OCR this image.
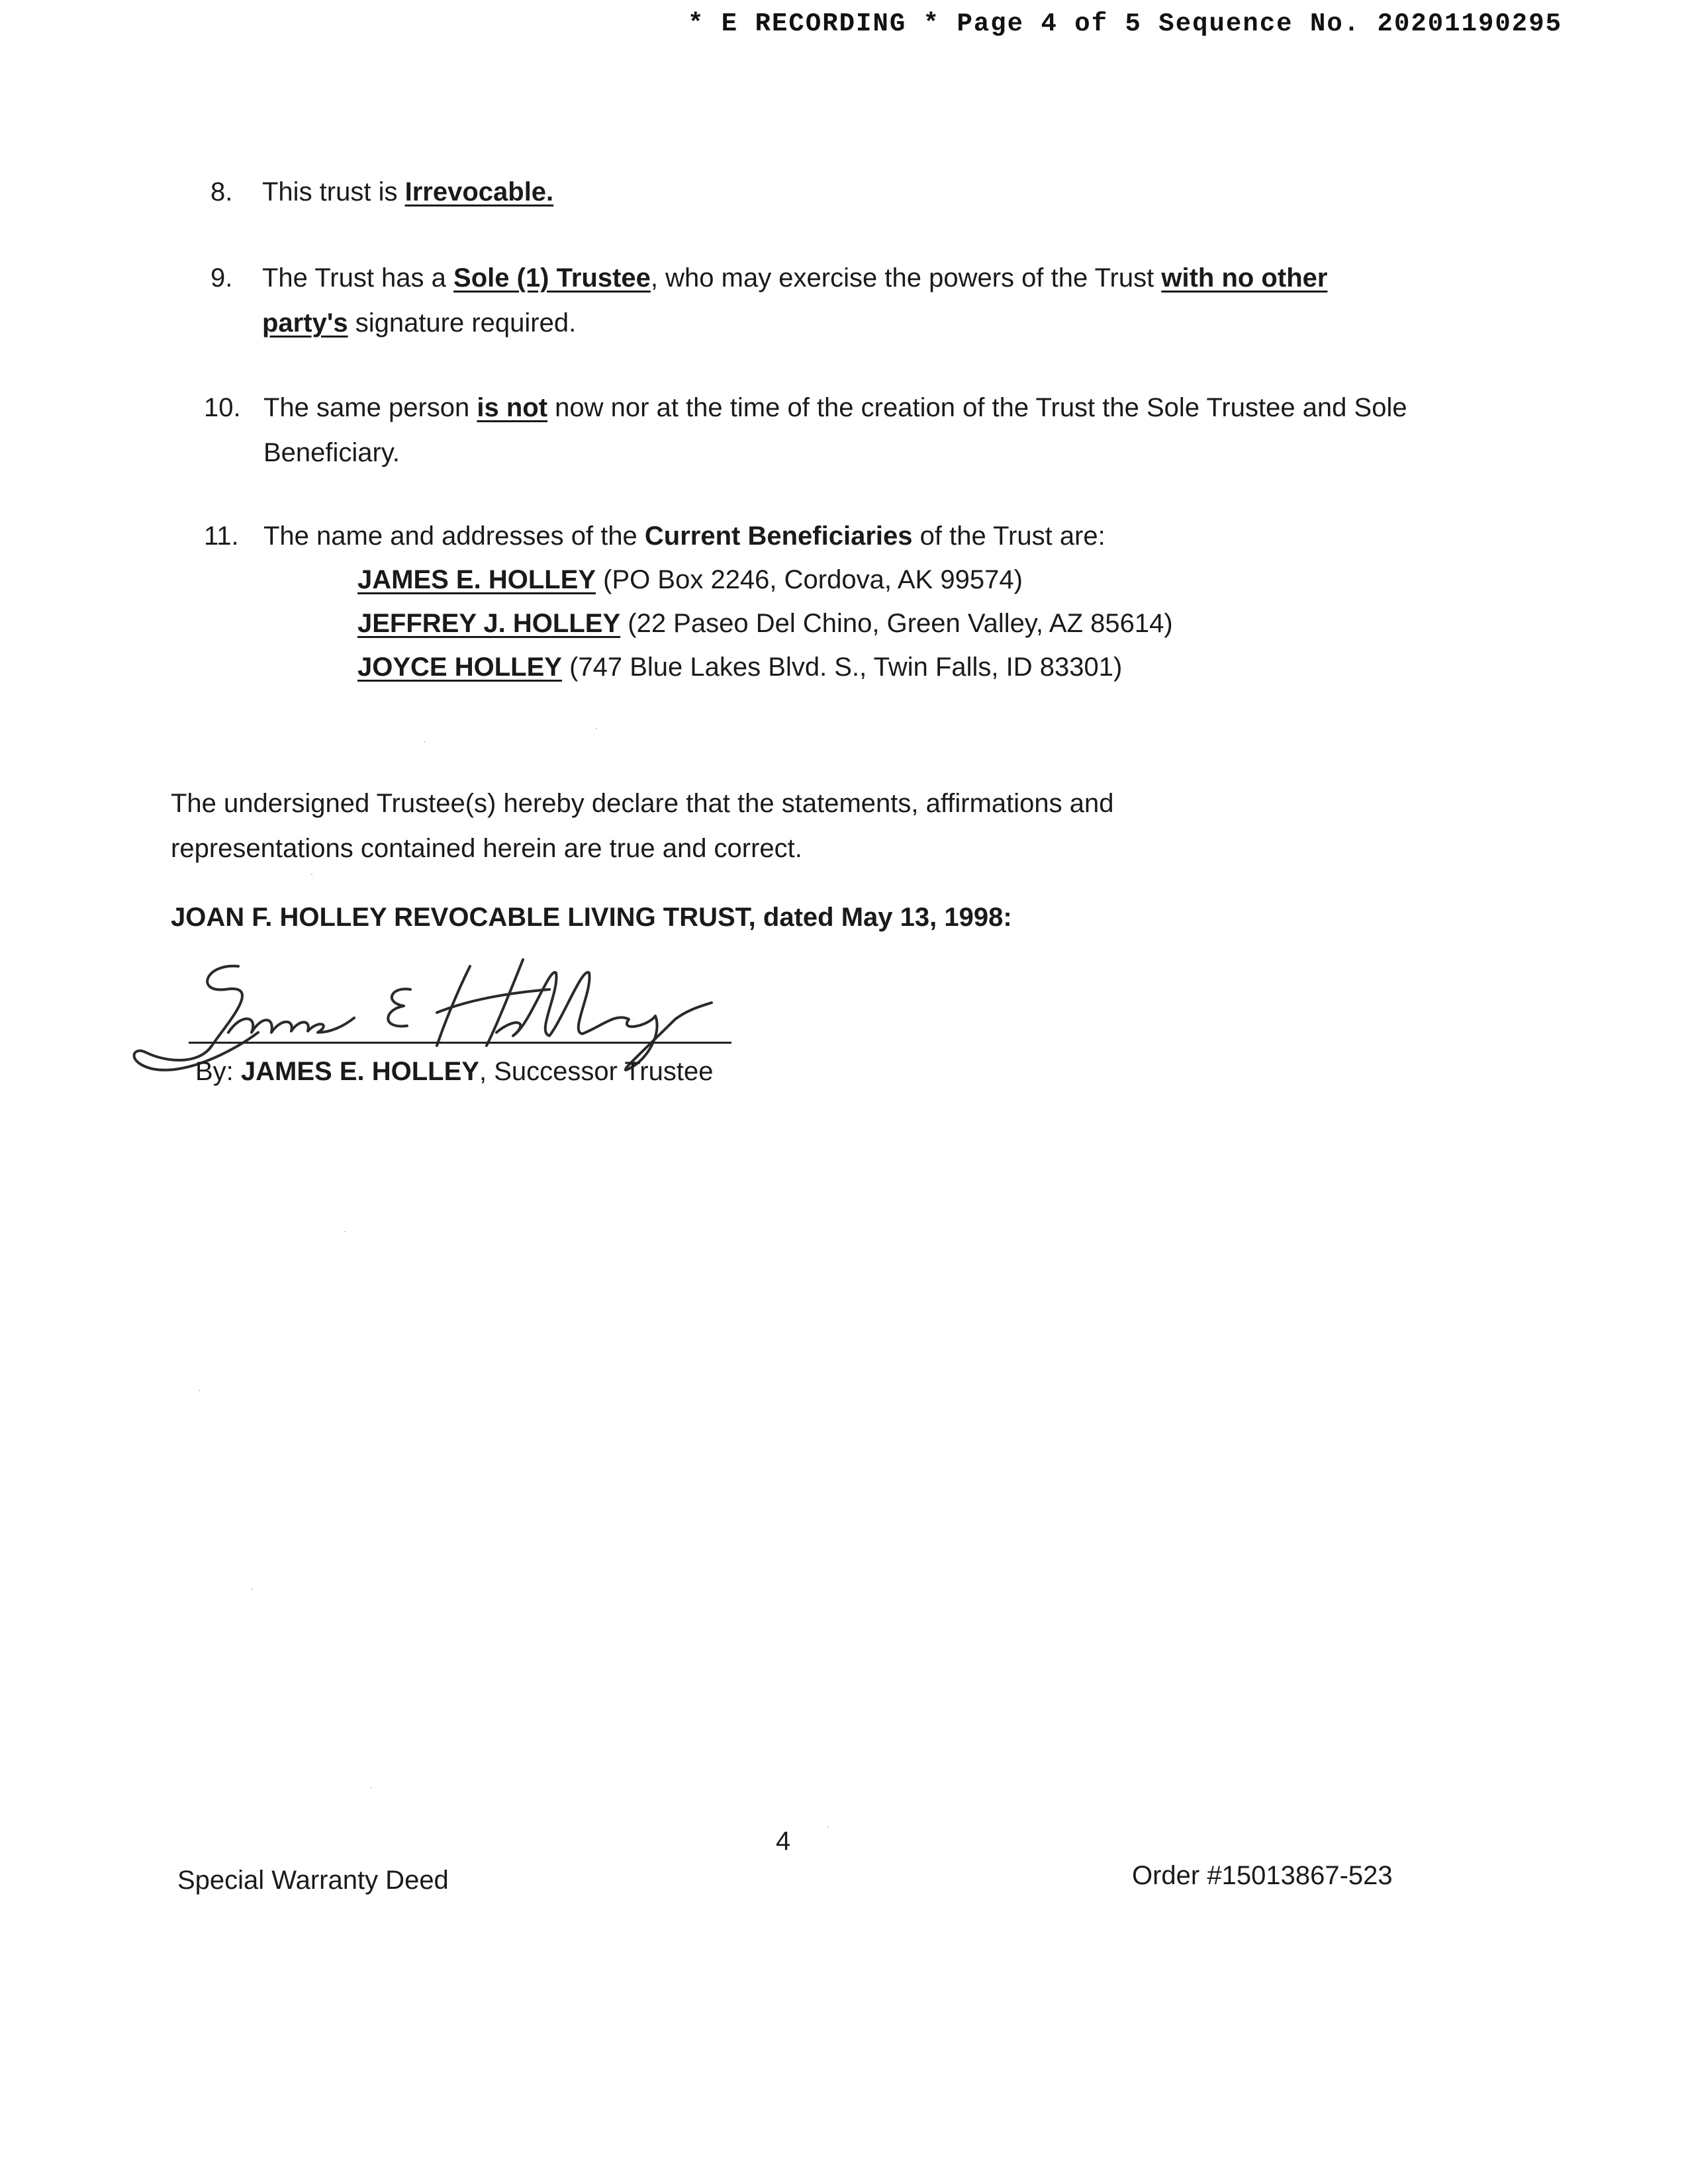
* E RECORDING * Page 4 of 5 Sequence No. 20201190295
8.	This trust is Irrevocable.
9.	The Trust has a Sole (1) Trustee, who may exercise the powers of the Trust with no other party's signature required.
10. The same person is not now nor at the time of the creation of the Trust the Sole Trustee and Sole Beneficiary.
11. The name and addresses of the Current Beneficiaries of the Trust are:
JAMES E. HOLLEY (PO Box 2246, Cordova, AK 99574)
JEFFREY J. HOLLEY (22 Paseo Del Chino, Green Valley, AZ 85614)
JOYCE HOLLEY (747 Blue Lakes Blvd. S., Twin Falls, ID 83301)
The undersigned Trustee(s) hereby declare that the statements, affirmations and representations contained herein are true and correct.
JOAN F. HOLLEY REVOCABLE LIVING TRUST, dated May 13, 1998:
By: JAMES E. HOLLEY, Successor Trustee
4
Special Warranty Deed	Order #15013867-523
